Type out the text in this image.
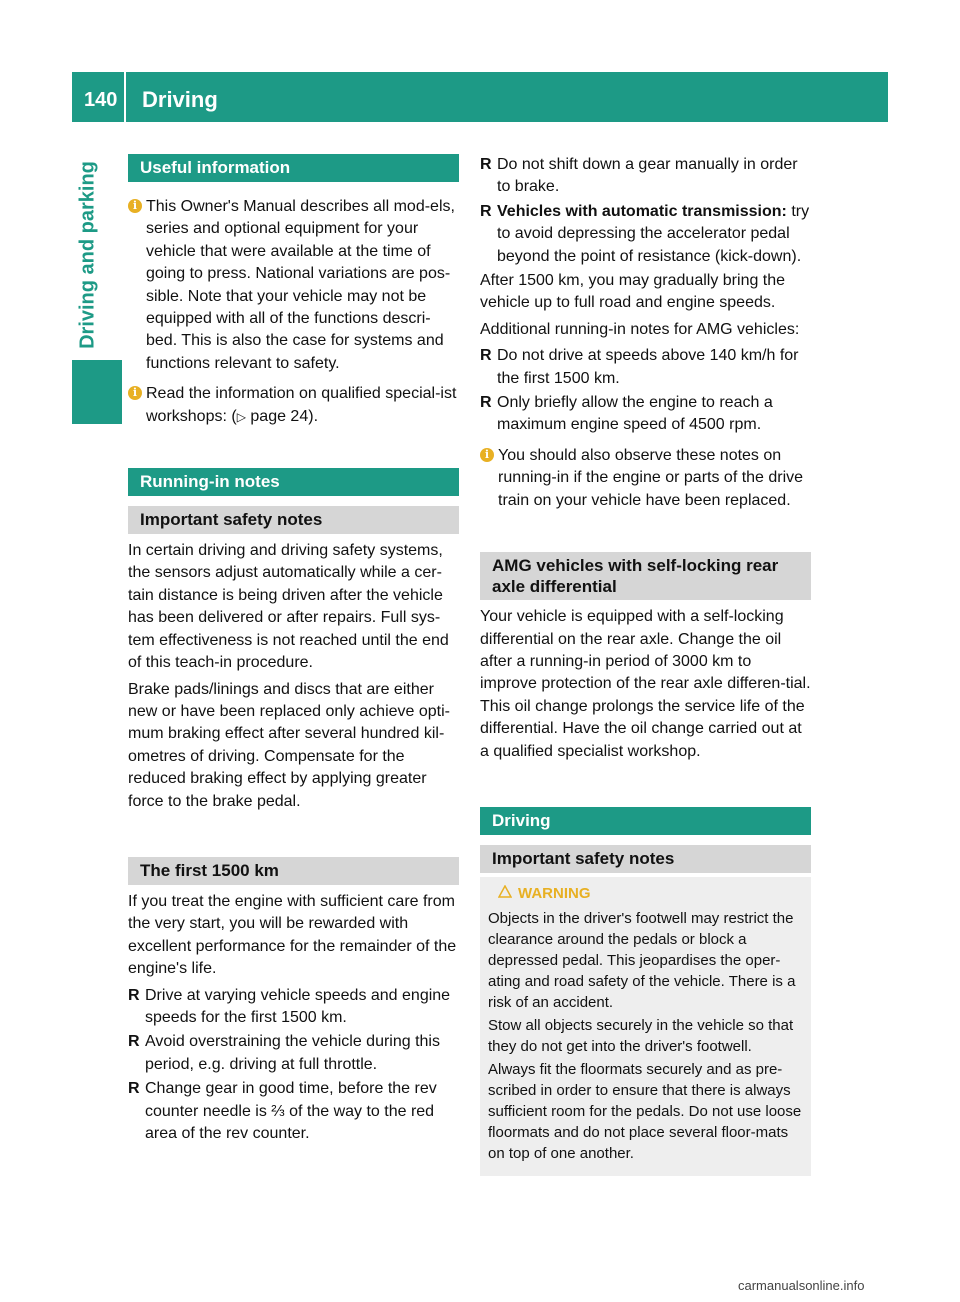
140 Driving
Driving and parking	Useful information
i This Owner's Manual describes all mod-els, series and optional equipment for your vehicle that were available at the time of going to press. National variations are pos-sible. Note that your vehicle may not be equipped with all of the functions descri-bed. This is also the case for systems and functions relevant to safety.
i Read the information on qualified special-ist workshops: (▷ page 24).
Running-in notes
Important safety notes

In certain driving and driving safety systems, the sensors adjust automatically while a cer-tain distance is being driven after the vehicle has been delivered or after repairs. Full sys-tem effectiveness is not reached until the end of this teach-in procedure.

Brake pads/linings and discs that are either new or have been replaced only achieve opti-mum braking effect after several hundred kil-ometres of driving. Compensate for the reduced braking effect by applying greater force to the brake pedal.

The first 1500 km

If you treat the engine with sufficient care from the very start, you will be rewarded with excellent performance for the remainder of the engine's life.

R Drive at varying vehicle speeds and engine speeds for the first 1500 km.
R Avoid overstraining the vehicle during this period, e.g. driving at full throttle.
R Change gear in good time, before the rev counter needle is ⅔ of the way to the red area of the rev counter.
R Do not shift down a gear manually in order to brake.
R Vehicles with automatic transmission: try to avoid depressing the accelerator pedal beyond the point of resistance (kick-down).

After 1500 km, you may gradually bring the vehicle up to full road and engine speeds.

Additional running-in notes for AMG vehicles:

R Do not drive at speeds above 140 km/h for the first 1500 km.
R Only briefly allow the engine to reach a maximum engine speed of 4500 rpm.
i You should also observe these notes on running-in if the engine or parts of the drive train on your vehicle have been replaced.
AMG vehicles with self-locking rear axle differential

Your vehicle is equipped with a self-locking differential on the rear axle. Change the oil after a running-in period of 3000 km to improve protection of the rear axle differen-tial. This oil change prolongs the service life of the differential. Have the oil change carried out at a qualified specialist workshop.

Driving
Important safety notes
WARNING

Objects in the driver's footwell may restrict the clearance around the pedals or block a depressed pedal. This jeopardises the oper-ating and road safety of the vehicle. There is a risk of an accident.

Stow all objects securely in the vehicle so that they do not get into the driver's footwell.

Always fit the floormats securely and as pre-scribed in order to ensure that there is always sufficient room for the pedals. Do not use loose floormats and do not place several floor-mats on top of one another.

carmanualsonline.info
